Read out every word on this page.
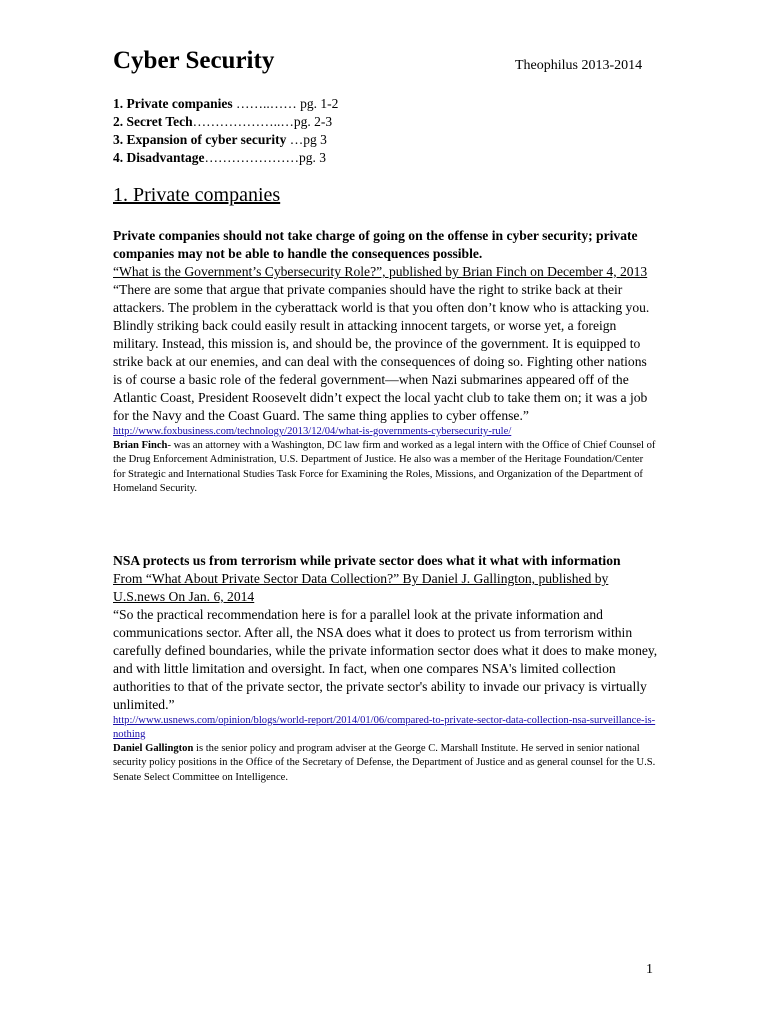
Cyber Security	Theophilus 2013-2014
1. Private companies ……..…… pg. 1-2
2. Secret Tech………………..…pg. 2-3
3. Expansion of cyber security …pg 3
4. Disadvantage…………………pg. 3
1. Private companies
Private companies should not take charge of going on the offense in cyber security; private companies may not be able to handle the consequences possible.
“What is the Government’s Cybersecurity Role?”, published by Brian Finch on December 4, 2013
“There are some that argue that private companies should have the right to strike back at their attackers. The problem in the cyberattack world is that you often don’t know who is attacking you. Blindly striking back could easily result in attacking innocent targets, or worse yet, a foreign military. Instead, this mission is, and should be, the province of the government. It is equipped to strike back at our enemies, and can deal with the consequences of doing so. Fighting other nations is of course a basic role of the federal government—when Nazi submarines appeared off of the Atlantic Coast, President Roosevelt didn’t expect the local yacht club to take them on; it was a job for the Navy and the Coast Guard. The same thing applies to cyber offense.”
http://www.foxbusiness.com/technology/2013/12/04/what-is-governments-cybersecurity-rule/
Brian Finch- was an attorney with a Washington, DC law firm and worked as a legal intern with the Office of Chief Counsel of the Drug Enforcement Administration, U.S. Department of Justice. He also was a member of the Heritage Foundation/Center for Strategic and International Studies Task Force for Examining the Roles, Missions, and Organization of the Department of Homeland Security.
NSA protects us from terrorism while private sector does what it what with information
From “What About Private Sector Data Collection?” By Daniel J. Gallington, published by U.S.news On Jan. 6, 2014
“So the practical recommendation here is for a parallel look at the private information and communications sector. After all, the NSA does what it does to protect us from terrorism within carefully defined boundaries, while the private information sector does what it does to make money, and with little limitation and oversight. In fact, when one compares NSA's limited collection authorities to that of the private sector, the private sector's ability to invade our privacy is virtually unlimited.”
http://www.usnews.com/opinion/blogs/world-report/2014/01/06/compared-to-private-sector-data-collection-nsa-surveillance-is-nothing
Daniel Gallington is the senior policy and program adviser at the George C. Marshall Institute. He served in senior national security policy positions in the Office of the Secretary of Defense, the Department of Justice and as general counsel for the U.S. Senate Select Committee on Intelligence.
1
